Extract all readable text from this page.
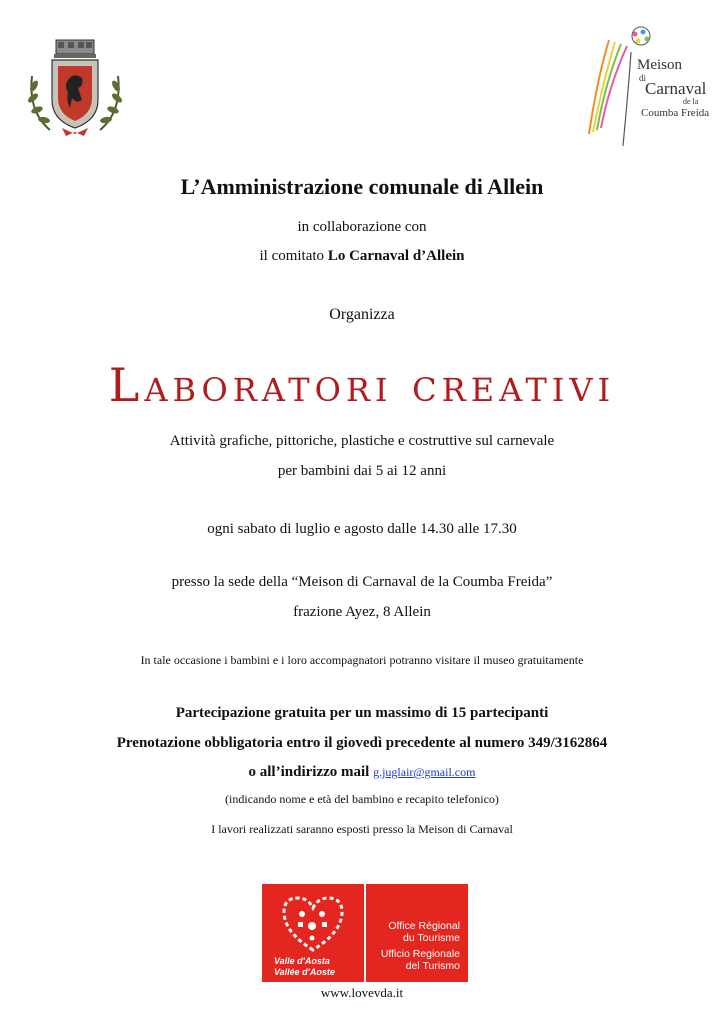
Meison
di
Carnaval
de la
Coumba Freida
L’Amministrazione comunale di Allein
in collaborazione con
il comitato Lo Carnaval d’Allein
Organizza
Laboratori creativi
Attività grafiche, pittoriche, plastiche e costruttive sul carnevale
per bambini dai 5 ai 12 anni
ogni sabato di luglio e agosto dalle 14.30 alle 17.30
presso la sede della “Meison di Carnaval de la Coumba Freida”
frazione Ayez, 8 Allein
In tale occasione i bambini e i loro accompagnatori potranno visitare il museo gratuitamente
Partecipazione gratuita per un massimo di 15 partecipanti
Prenotazione obbligatoria entro il giovedì precedente al numero 349/3162864
o all’indirizzo mail g.juglair@gmail.com
(indicando nome e età del bambino e recapito telefonico)
I lavori realizzati saranno esposti presso la Meison di Carnaval
Valle d'Aosta
Vallée d'Aoste
Office Régional
du Tourisme
Ufficio Regionale
del Turismo
www.lovevda.it
